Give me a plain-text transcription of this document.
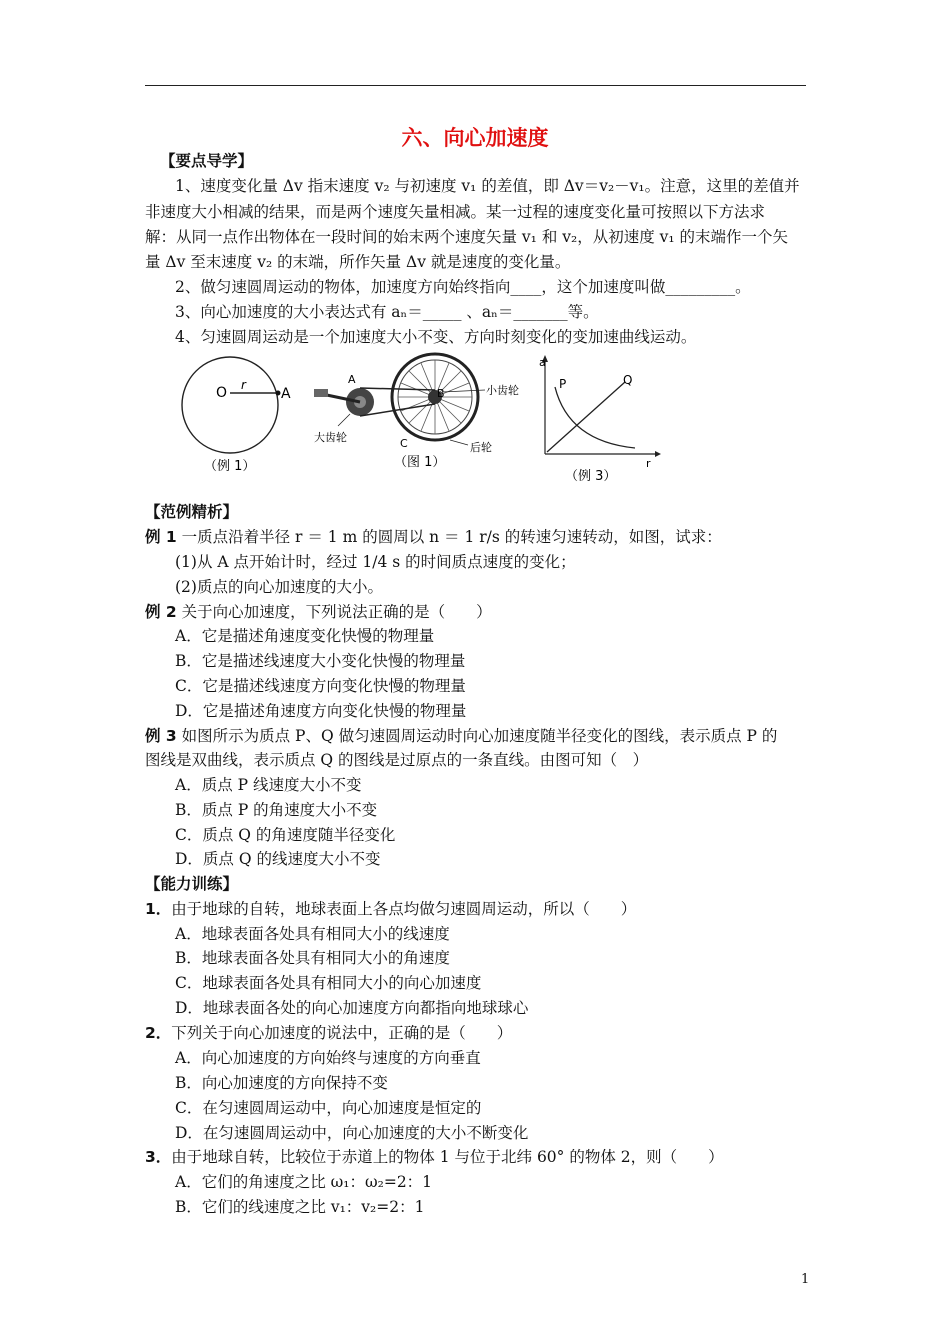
六、向心加速度
【要点导学】
1、速度变化量 Δv 指末速度 v₂ 与初速度 v₁ 的差值，即 Δv＝v₂－v₁。注意，这里的差值并
非速度大小相减的结果，而是两个速度矢量相减。某一过程的速度变化量可按照以下方法求
解：从同一点作出物体在一段时间的始末两个速度矢量 v₁ 和 v₂，从初速度 v₁ 的末端作一个矢
量 Δv 至末速度 v₂ 的末端，所作矢量 Δv 就是速度的变化量。
2、做匀速圆周运动的物体，加速度方向始终指向____，这个加速度叫做_________。
3、向心加速度的大小表达式有 aₙ＝_____ 、aₙ＝_______等。
4、匀速圆周运动是一个加速度大小不变、方向时刻变化的变加速曲线运动。
O r
A
（例 1）
A
B
C
小齿轮
大齿轮
后轮
（图 1）
a
P	Q
r
（例 3）
【范例精析】
例 1 一质点沿着半径 r ＝ 1 m 的圆周以 n ＝ 1 r/s 的转速匀速转动，如图，试求：
(1)从 A 点开始计时，经过 1/4 s 的时间质点速度的变化；
(2)质点的向心加速度的大小。
例 2 关于向心加速度，下列说法正确的是（　　）
A．它是描述角速度变化快慢的物理量
B．它是描述线速度大小变化快慢的物理量
C．它是描述线速度方向变化快慢的物理量
D．它是描述角速度方向变化快慢的物理量
例 3 如图所示为质点 P、Q 做匀速圆周运动时向心加速度随半径变化的图线，表示质点 P 的
图线是双曲线，表示质点 Q 的图线是过原点的一条直线。由图可知（　）
A．质点 P 线速度大小不变
B．质点 P 的角速度大小不变
C．质点 Q 的角速度随半径变化
D．质点 Q 的线速度大小不变
【能力训练】
1．由于地球的自转，地球表面上各点均做匀速圆周运动，所以（　　）
A．地球表面各处具有相同大小的线速度
B．地球表面各处具有相同大小的角速度
C．地球表面各处具有相同大小的向心加速度
D．地球表面各处的向心加速度方向都指向地球球心
2．下列关于向心加速度的说法中，正确的是（　　）
A．向心加速度的方向始终与速度的方向垂直
B．向心加速度的方向保持不变
C．在匀速圆周运动中，向心加速度是恒定的
D．在匀速圆周运动中，向心加速度的大小不断变化
3．由于地球自转，比较位于赤道上的物体 1 与位于北纬 60° 的物体 2，则（　　）
A．它们的角速度之比 ω₁：ω₂=2：1
B．它们的线速度之比 v₁：v₂=2：1
1
